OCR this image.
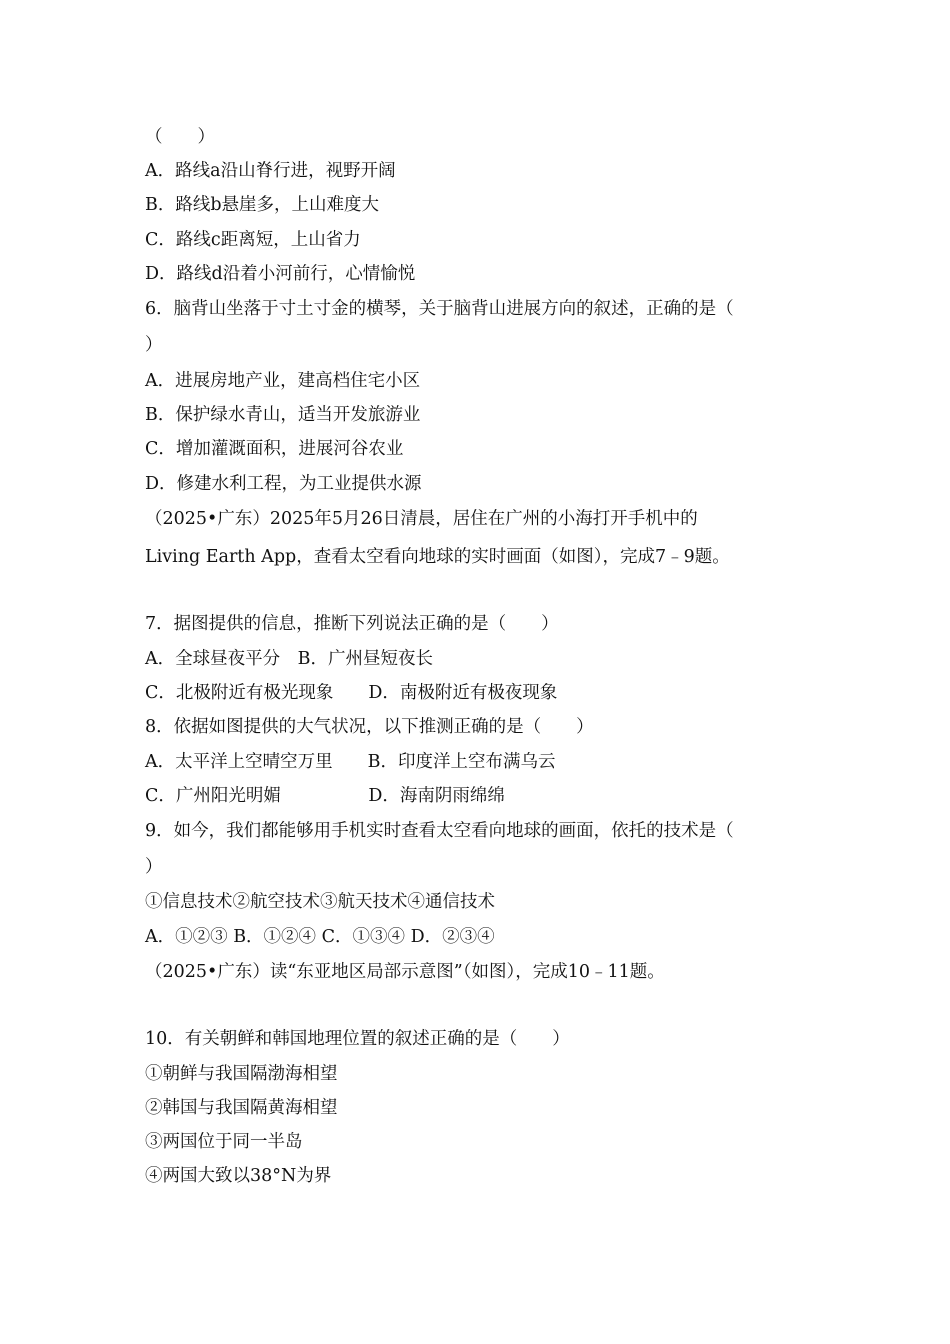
（　　）
A．路线a沿山脊行进，视野开阔
B．路线b悬崖多，上山难度大
C．路线c距离短，上山省力
D．路线d沿着小河前行，心情愉悦
6．脑背山坐落于寸土寸金的横琴，关于脑背山进展方向的叙述，正确的是（
）
A．进展房地产业，建高档住宅小区
B．保护绿水青山，适当开发旅游业
C．增加灌溉面积，进展河谷农业
D．修建水利工程，为工业提供水源
（2025•广东）2025年5月26日清晨，居住在广州的小海打开手机中的
Living Earth App，查看太空看向地球的实时画面（如图），完成7﹣9题。
7．据图提供的信息，推断下列说法正确的是（　　）
A．全球昼夜平分　B．广州昼短夜长
C．北极附近有极光现象　　D．南极附近有极夜现象
8．依据如图提供的大气状况，以下推测正确的是（　　）
A．太平洋上空晴空万里　　B．印度洋上空布满乌云
C．广州阳光明媚　　　　　D．海南阴雨绵绵
9．如今，我们都能够用手机实时查看太空看向地球的画面，依托的技术是（
）
①信息技术②航空技术③航天技术④通信技术
A．①②③ B．①②④ C．①③④ D．②③④
（2025•广东）读“东亚地区局部示意图”（如图），完成10﹣11题。
10．有关朝鲜和韩国地理位置的叙述正确的是（　　）
①朝鲜与我国隔渤海相望
②韩国与我国隔黄海相望
③两国位于同一半岛
④两国大致以38°N为界
